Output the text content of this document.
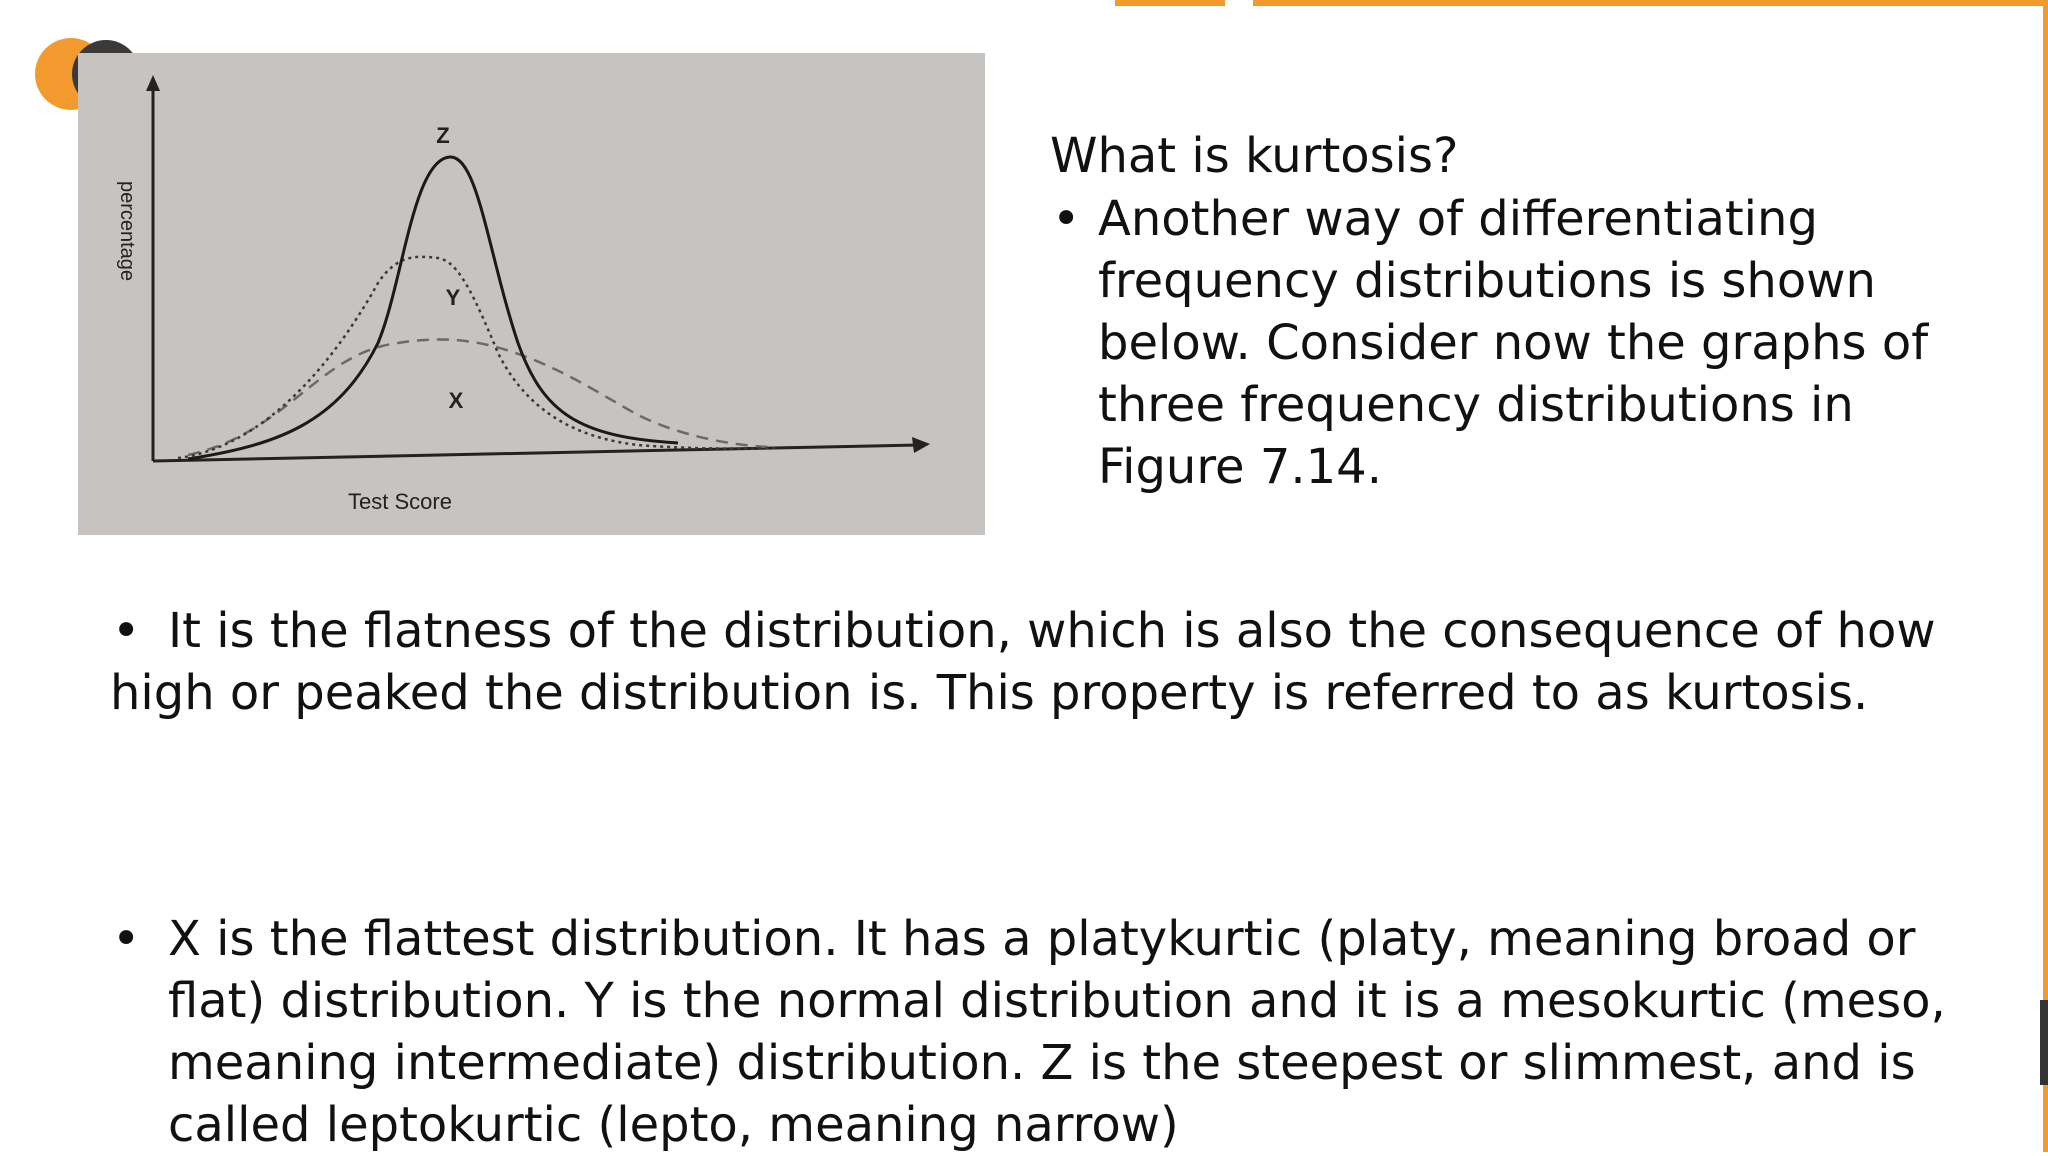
Z
Y
X
Test Score
percentage
What is kurtosis?
• Another way of differentiating frequency distributions is shown below. Consider now the graphs of three frequency distributions in Figure 7.14.
• It is the flatness of the distribution, which is also the consequence of how
high or peaked the distribution is. This property is referred to as kurtosis.
• X is the flattest distribution. It has a platykurtic (platy, meaning broad or flat) distribution. Y is the normal distribution and it is a mesokurtic (meso, meaning intermediate) distribution. Z is the steepest or slimmest, and is called leptokurtic (lepto, meaning narrow)
